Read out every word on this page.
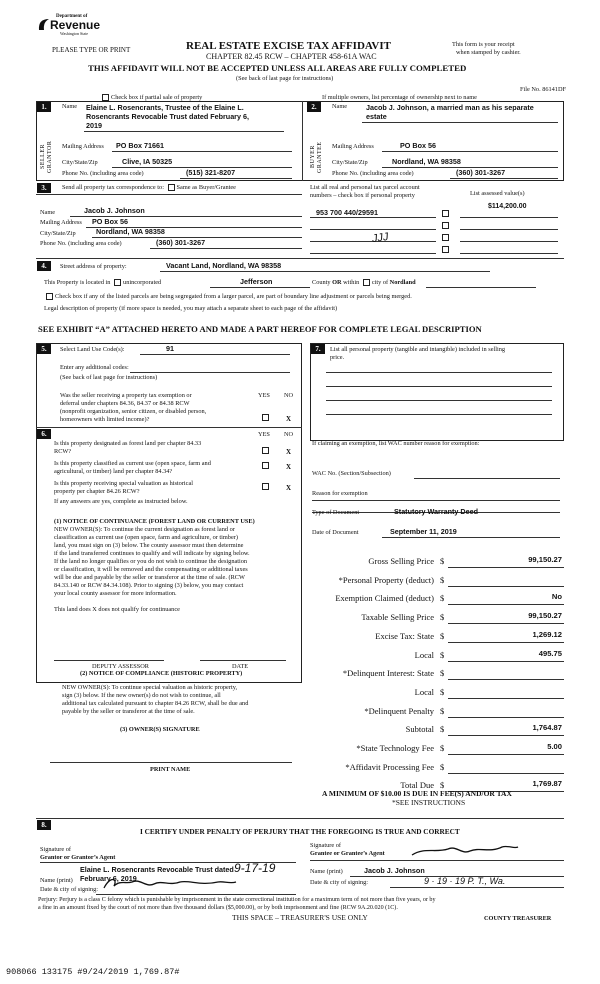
Department of
Revenue
Washington State
PLEASE TYPE OR PRINT	REAL ESTATE EXCISE TAX AFFIDAVIT
CHAPTER 82.45 RCW – CHAPTER 458-61A WAC
THIS AFFIDAVIT WILL NOT BE ACCEPTED UNLESS ALL AREAS ARE FULLY COMPLETED
(See back of last page for instructions)
This form is your receipt
when stamped by cashier.
File No. 86141DF
Check box if partial sale of property	If multiple owners, list percentage of ownership next to name
1.
SELLER GRANTOR
Name Elaine L. Rosencrants, Trustee of the Elaine L.
Rosencrants Revocable Trust dated February 6,
2019
Mailing Address PO Box 71661
City/State/Zip	Clive, IA 50325
Phone No. (including area code)	(515) 321-8207
2.
BUYER GRANTEE
Name	Jacob J. Johnson, a married man as his separate
estate
Mailing Address	PO Box 56
City/State/Zip	Nordland, WA 98358
Phone No. (including area code)	(360) 301-3267
3.	Send all property tax correspondence to: Same as Buyer/Grantee
Name	Jacob J. Johnson
Mailing Address PO Box 56
City/State/Zip	Nordland, WA 98358
Phone No. (including area code)	(360) 301-3267
List all real and personal tax parcel account
numbers – check box if personal property	List assessed value(s)
953 700 440/29591
$114,200.00
JJJ
4.	Street address of property:	Vacant Land, Nordland, WA 98358
This Property is located in unincorporated	Jefferson	County OR within city of Nordland
Check box if any of the listed parcels are being segregated from a larger parcel, are part of boundary line adjustment or parcels being merged.
Legal description of property (if more space is needed, you may attach a separate sheet to each page of the affidavit)
SEE EXHIBIT “A” ATTACHED HERETO AND MADE A PART HEREOF FOR COMPLETE LEGAL DESCRIPTION
5.	Select Land Use Code(s):	91
Enter any additional codes:
(See back of last page for instructions)
YES NO
Was the seller receiving a property tax exemption or
deferral under chapters 84.36, 84.37 or 84.38 RCW
(nonprofit organization, senior citizen, or disabled person,
homeowners with limited income)?	X
6.	YES NO
Is this property designated as forest land per chapter 84.33
RCW?	X
Is this property classified as current use (open space, farm and
agricultural, or timber) land per chapter 84.34?
X
Is this property receiving special valuation as historical
property per chapter 84.26 RCW?	X
If any answers are yes, complete as instructed below.
(1) NOTICE OF CONTINUANCE (FOREST LAND OR CURRENT USE)
NEW OWNER(S): To continue the current designation as forest land or
classification as current use (open space, farm and agriculture, or timber)
land, you must sign on (3) below. The county assessor must then determine
if the land transferred continues to qualify and will indicate by signing below.
If the land no longer qualifies or you do not wish to continue the designation
or classification, it will be removed and the compensating or additional taxes
will be due and payable by the seller or transferor at the time of sale. (RCW
84.33.140 or RCW 84.34.108). Prior to signing (3) below, you may contact
your local county assessor for more information.
This land does X does not qualify for continuance
DEPUTY ASSESSOR	DATE
(2) NOTICE OF COMPLIANCE (HISTORIC PROPERTY)
NEW OWNER(S): To continue special valuation as historic property,
sign (3) below. If the new owner(s) do not wish to continue, all
additional tax calculated pursuant to chapter 84.26 RCW, shall be due and
payable by the seller or transferor at the time of sale.
(3) OWNER(S) SIGNATURE
PRINT NAME
7.	List all personal property (tangible and intangible) included in selling
price.
If claiming an exemption, list WAC number reason for exemption:
WAC No. (Section/Subsection)
Reason for exemption
Type of Document	Statutory Warranty Deed
Date of Document	September 11, 2019
Gross Selling Price $	99,150.27
*Personal Property (deduct) $
Exemption Claimed (deduct) $	No
Taxable Selling Price $	99,150.27
Excise Tax: State $	1,269.12
Local $	495.75
*Delinquent Interest: State $
Local $
*Delinquent Penalty $
Subtotal $	1,764.87
*State Technology Fee $	5.00
*Affidavit Processing Fee $
Total Due $	1,769.87
A MINIMUM OF $10.00 IS DUE IN FEE(S) AND/OR TAX
*SEE INSTRUCTIONS
8.
I CERTIFY UNDER PENALTY OF PERJURY THAT THE FOREGOING IS TRUE AND CORRECT
Signature of
Grantor or Grantor’s Agent
Elaine L. Rosencrants Revocable Trust dated
Name (print) February 6, 2019
Date & city of signing:
9-17-19
Signature of
Grantee or Grantee’s Agent
Name (print)	Jacob J. Johnson
Date & city of signing:	9 · 19 · 19 P. T., Wa.
Perjury: Perjury is a class C felony which is punishable by imprisonment in the state correctional institution for a maximum term of not more than five years, or by
a fine in an amount fixed by the court of not more than five thousand dollars ($5,000.00), or by both imprisonment and fine (RCW 9A.20.020 (1C).
THIS SPACE – TREASURER'S USE ONLY	COUNTY TREASURER
908066 133175 #9/24/2019 1,769.87#
